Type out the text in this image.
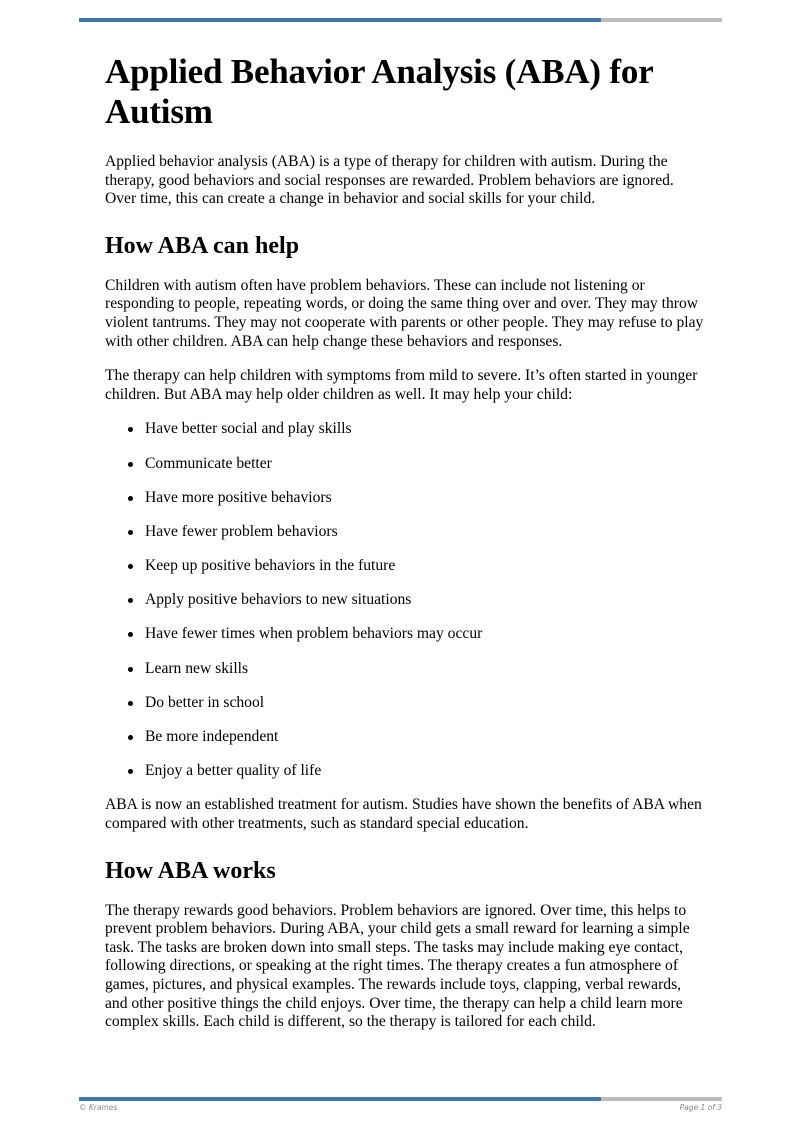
Applied Behavior Analysis (ABA) for Autism

Applied behavior analysis (ABA) is a type of therapy for children with autism. During the therapy, good behaviors and social responses are rewarded. Problem behaviors are ignored. Over time, this can create a change in behavior and social skills for your child.

How ABA can help

Children with autism often have problem behaviors. These can include not listening or responding to people, repeating words, or doing the same thing over and over. They may throw violent tantrums. They may not cooperate with parents or other people. They may refuse to play with other children. ABA can help change these behaviors and responses.

The therapy can help children with symptoms from mild to severe. It’s often started in younger children. But ABA may help older children as well. It may help your child:

Have better social and play skills
Communicate better
Have more positive behaviors
Have fewer problem behaviors
Keep up positive behaviors in the future
Apply positive behaviors to new situations
Have fewer times when problem behaviors may occur
Learn new skills
Do better in school
Be more independent
Enjoy a better quality of life

ABA is now an established treatment for autism. Studies have shown the benefits of ABA when compared with other treatments, such as standard special education.

How ABA works

The therapy rewards good behaviors. Problem behaviors are ignored. Over time, this helps to prevent problem behaviors. During ABA, your child gets a small reward for learning a simple task. The tasks are broken down into small steps. The tasks may include making eye contact, following directions, or speaking at the right times. The therapy creates a fun atmosphere of games, pictures, and physical examples. The rewards include toys, clapping, verbal rewards, and other positive things the child enjoys. Over time, the therapy can help a child learn more complex skills. Each child is different, so the therapy is tailored for each child.

© Krames	Page 1 of 3
